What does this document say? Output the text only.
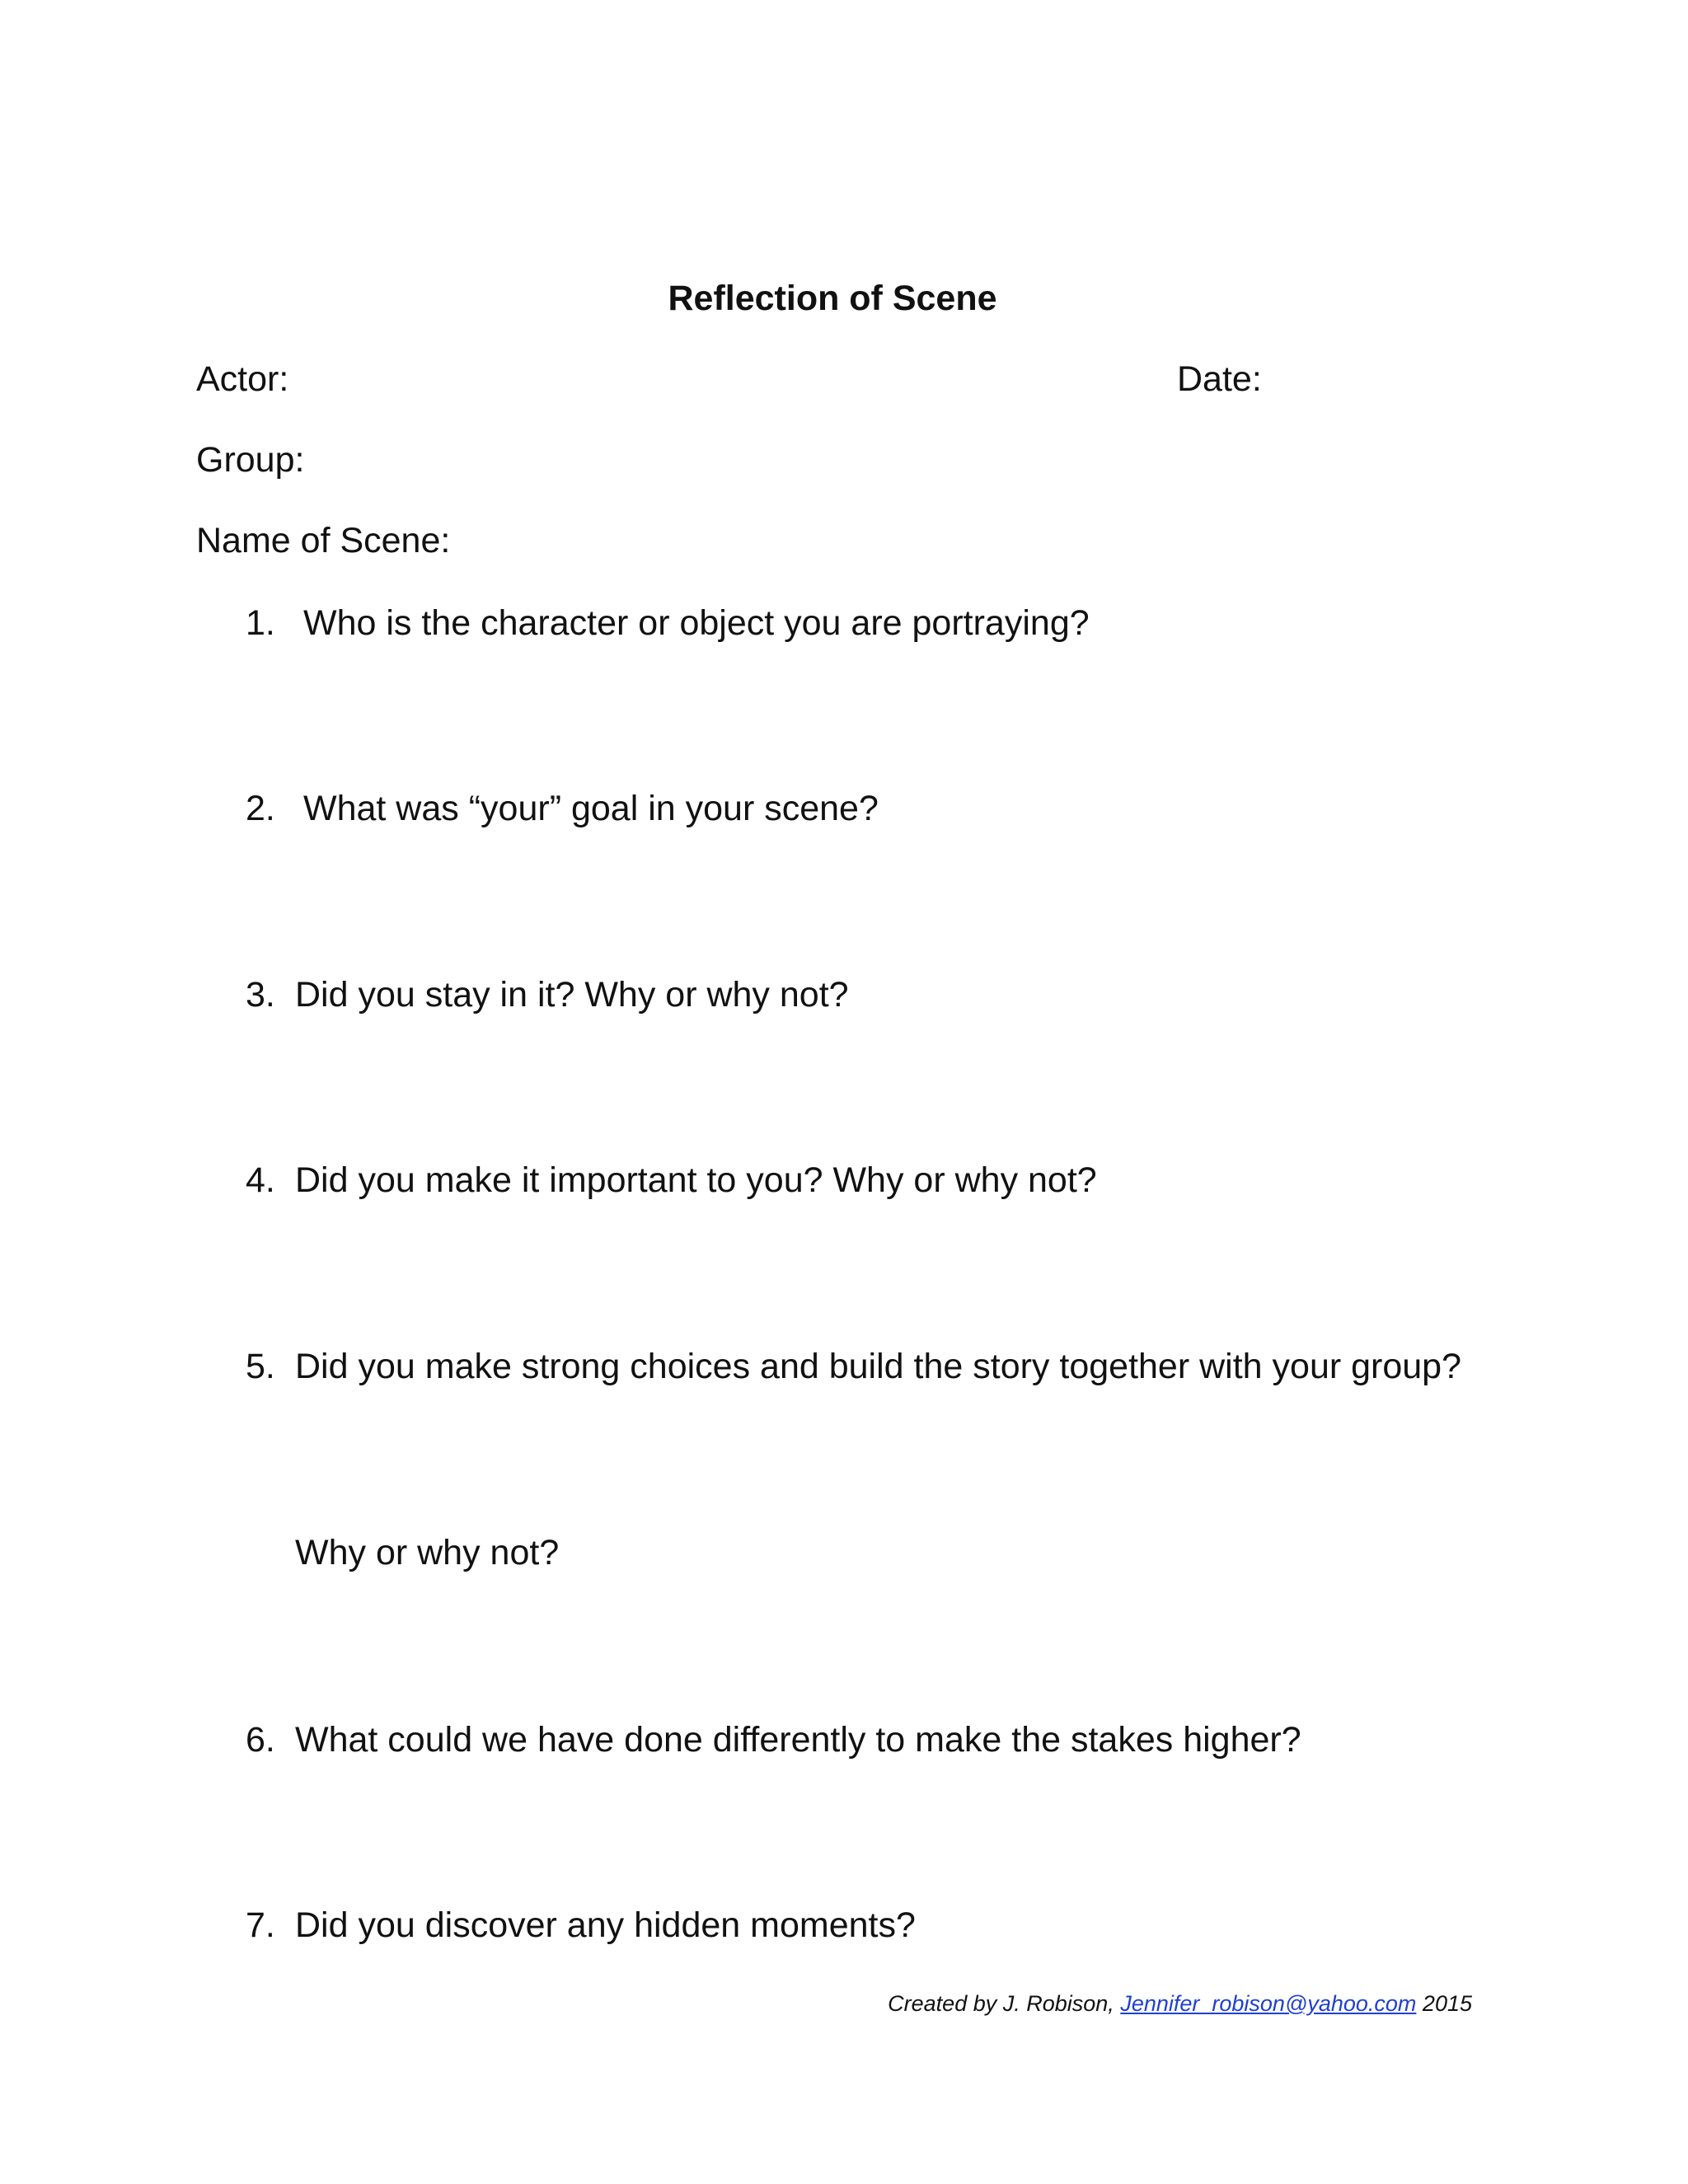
Reflection of Scene
Actor:	Date:
Group:
Name of Scene:
1. Who is the character or object you are portraying?
2. What was “your” goal in your scene?
3. Did you stay in it? Why or why not?
4. Did you make it important to you? Why or why not?
5. Did you make strong choices and build the story together with your group?
Why or why not?
6. What could we have done differently to make the stakes higher?
7. Did you discover any hidden moments?
Created by J. Robison, Jennifer_robison@yahoo.com 2015
